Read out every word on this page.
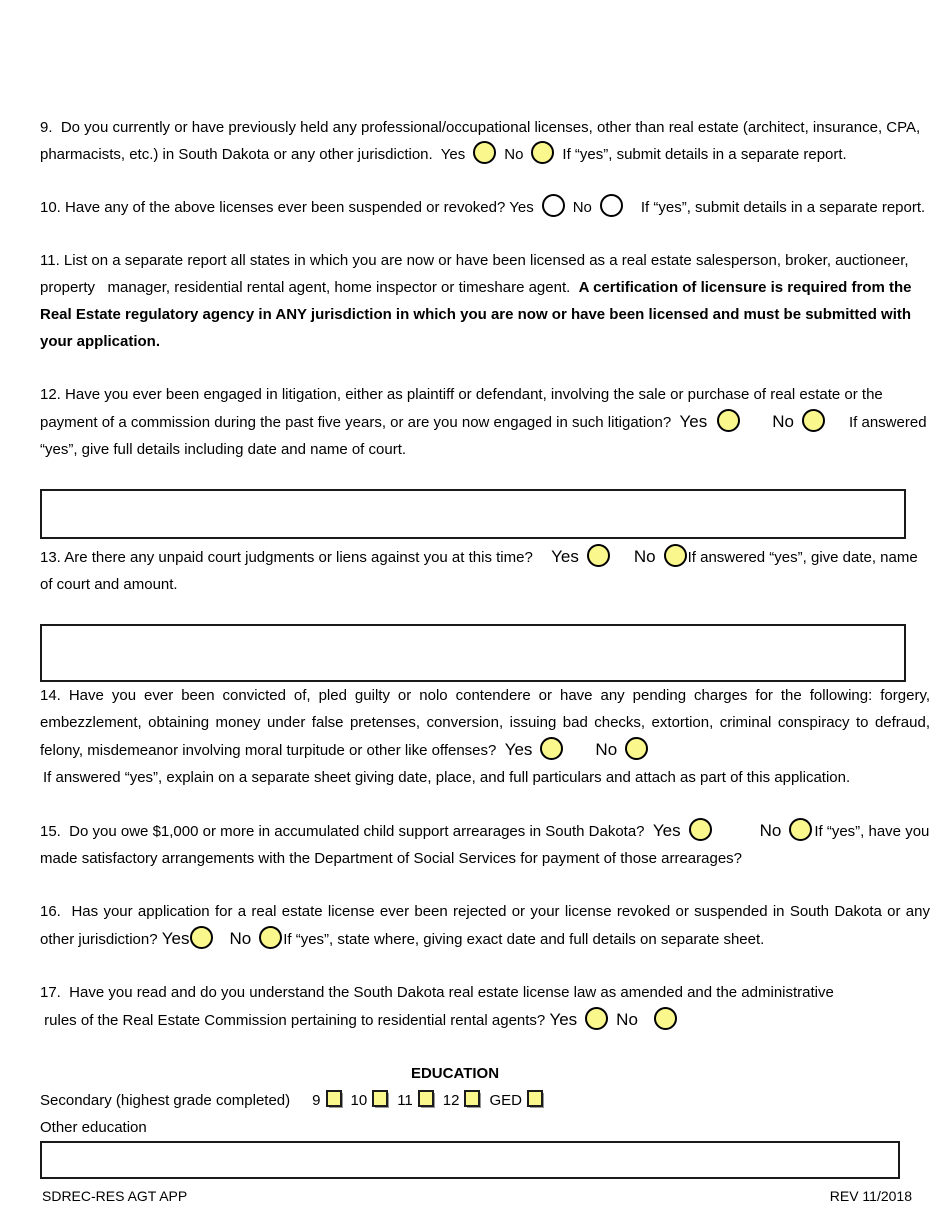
9.  Do you currently or have previously held any professional/occupational licenses, other than real estate (architect, insurance, CPA, pharmacists, etc.) in South Dakota or any other jurisdiction.  Yes	No	If “yes”, submit details in a separate report.

10. Have any of the above licenses ever been suspended or revoked? Yes	No	If “yes”, submit details in a separate report.

11. List on a separate report all states in which you are now or have been licensed as a real estate salesperson, broker, auctioneer, property   manager, residential rental agent, home inspector or timeshare agent.  A certification of licensure is required from the Real Estate regulatory agency in ANY jurisdiction in which you are now or have been licensed and must be submitted with your application.

12. Have you ever been engaged in litigation, either as plaintiff or defendant, involving the sale or purchase of real estate or the payment of a commission during the past five years, or are you now engaged in such litigation?  Yes	No	If answered “yes”, give full details including date and name of court.

13. Are there any unpaid court judgments or liens against you at this time?  Yes	No If answered “yes”, give date, name of court and amount.

14. Have you ever been convicted of, pled guilty or nolo contendere or have any pending charges for the following: forgery, embezzlement, obtaining money under false pretenses, conversion, issuing bad checks, extortion, criminal conspiracy to defraud, felony, misdemeanor involving moral turpitude or other like offenses?  Yes	No
If answered “yes”, explain on a separate sheet giving date, place, and full particulars and attach as part of this application.

15.  Do you owe $1,000 or more in accumulated child support arrearages in South Dakota?  Yes	No If “yes”, have you made satisfactory arrangements with the Department of Social Services for payment of those arrearages?

16.  Has your application for a real estate license ever been rejected or your license revoked or suspended in South Dakota or any other jurisdiction? Yes No If “yes”, state where, giving exact date and full details on separate sheet.

17.  Have you read and do you understand the South Dakota real estate license law as amended and the administrative
rules of the Real Estate Commission pertaining to residential rental agents? Yes No

EDUCATION
Secondary (highest grade completed) 9 10 11 12 GED
Other education
SDREC-RES AGT APP	REV 11/2018
